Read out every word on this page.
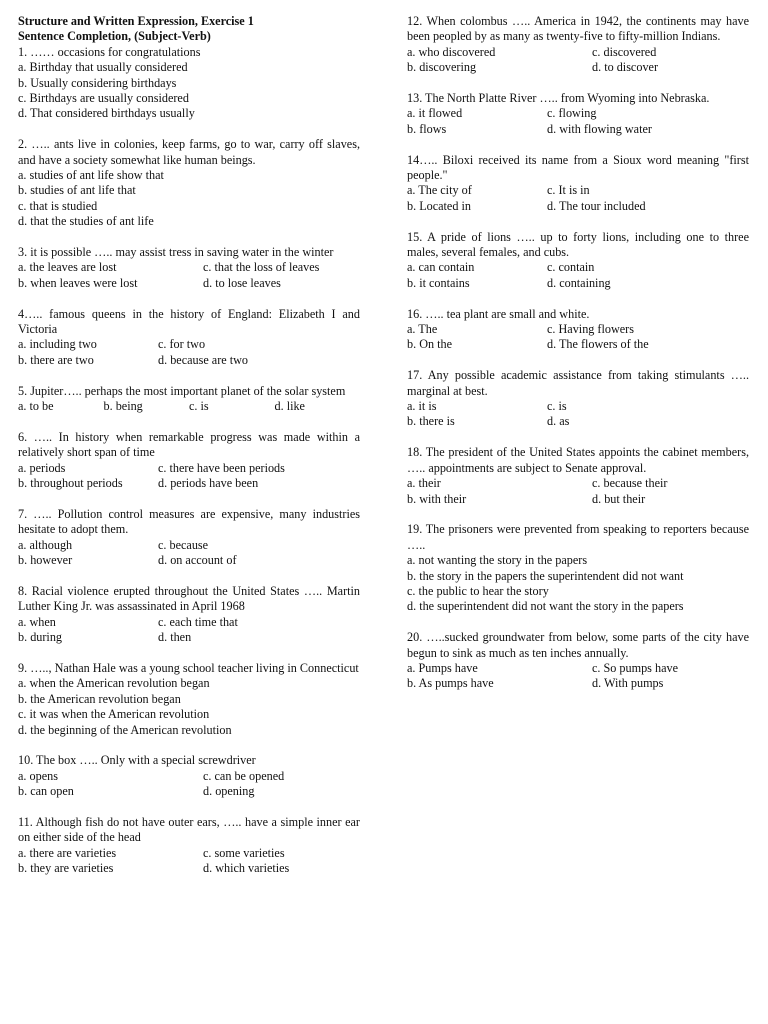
Structure and Written Expression, Exercise 1
Sentence Completion, (Subject-Verb)
1. …… occasions for congratulations
a. Birthday that usually considered
b. Usually considering birthdays
c. Birthdays are usually considered
d. That considered birthdays usually
2. ….. ants live in colonies, keep farms, go to war, carry off slaves, and have a society somewhat like human beings.
a. studies of ant life show that
b. studies of ant life that
c. that is studied
d. that the studies of ant life
3. it is possible ….. may assist tress in saving water in the winter
a. the leaves are lost	c. that the loss of leaves
b. when leaves were lost	d. to lose leaves
4….. famous queens in the history of England: Elizabeth I and Victoria
a. including two	c. for two
b. there are two	d. because are two
5. Jupiter….. perhaps the most important planet of the solar system
a. to be	b. being	c. is	d. like
6. ….. In history when remarkable progress was made within a relatively short span of time
a. periods	c. there have been periods
b. throughout periods	d. periods have been
7. ….. Pollution control measures are expensive, many industries hesitate to adopt them.
a. although	c. because
b. however	d. on account of
8. Racial violence erupted throughout the United States ….. Martin Luther King Jr. was assassinated in April 1968
a. when	c. each time that
b. during	d. then
9. ….., Nathan Hale was a young school teacher living in Connecticut
a. when the American revolution began
b. the American revolution began
c. it was when the American revolution
d. the beginning of the American revolution
10. The box ….. Only with a special screwdriver
a. opens	c. can be opened
b. can open	d. opening
11. Although fish do not have outer ears, ….. have a simple inner ear on either side of the head
a. there are varieties	c. some varieties
b. they are varieties	d. which varieties
12. When colombus ….. America in 1942, the continents may have been peopled by as many as twenty-five to fifty-million Indians.
a. who discovered	c. discovered
b. discovering	d. to discover
13. The North Platte River ….. from Wyoming into Nebraska.
a. it flowed	c. flowing
b. flows	d. with flowing water
14….. Biloxi received its name from a Sioux word meaning "first people."
a. The city of	c. It is in
b. Located in	d. The tour included
15. A pride of lions ….. up to forty lions, including one to three males, several females, and cubs.
a. can contain	c. contain
b. it contains	d. containing
16. ….. tea plant are small and white.
a. The	c. Having flowers
b. On the	d. The flowers of the
17. Any possible academic assistance from taking stimulants ….. marginal at best.
a. it is	c. is
b. there is	d. as
18. The president of the United States appoints the cabinet members, ….. appointments are subject to Senate approval.
a. their	c. because their
b. with their	d. but their
19. The prisoners were prevented from speaking to reporters because …..
a. not wanting the story in the papers
b. the story in the papers the superintendent did not want
c. the public to hear the story
d. the superintendent did not want the story in the papers
20. …..sucked groundwater from below, some parts of the city have begun to sink as much as ten inches annually.
a. Pumps have	c. So pumps have
b. As pumps have	d. With pumps
